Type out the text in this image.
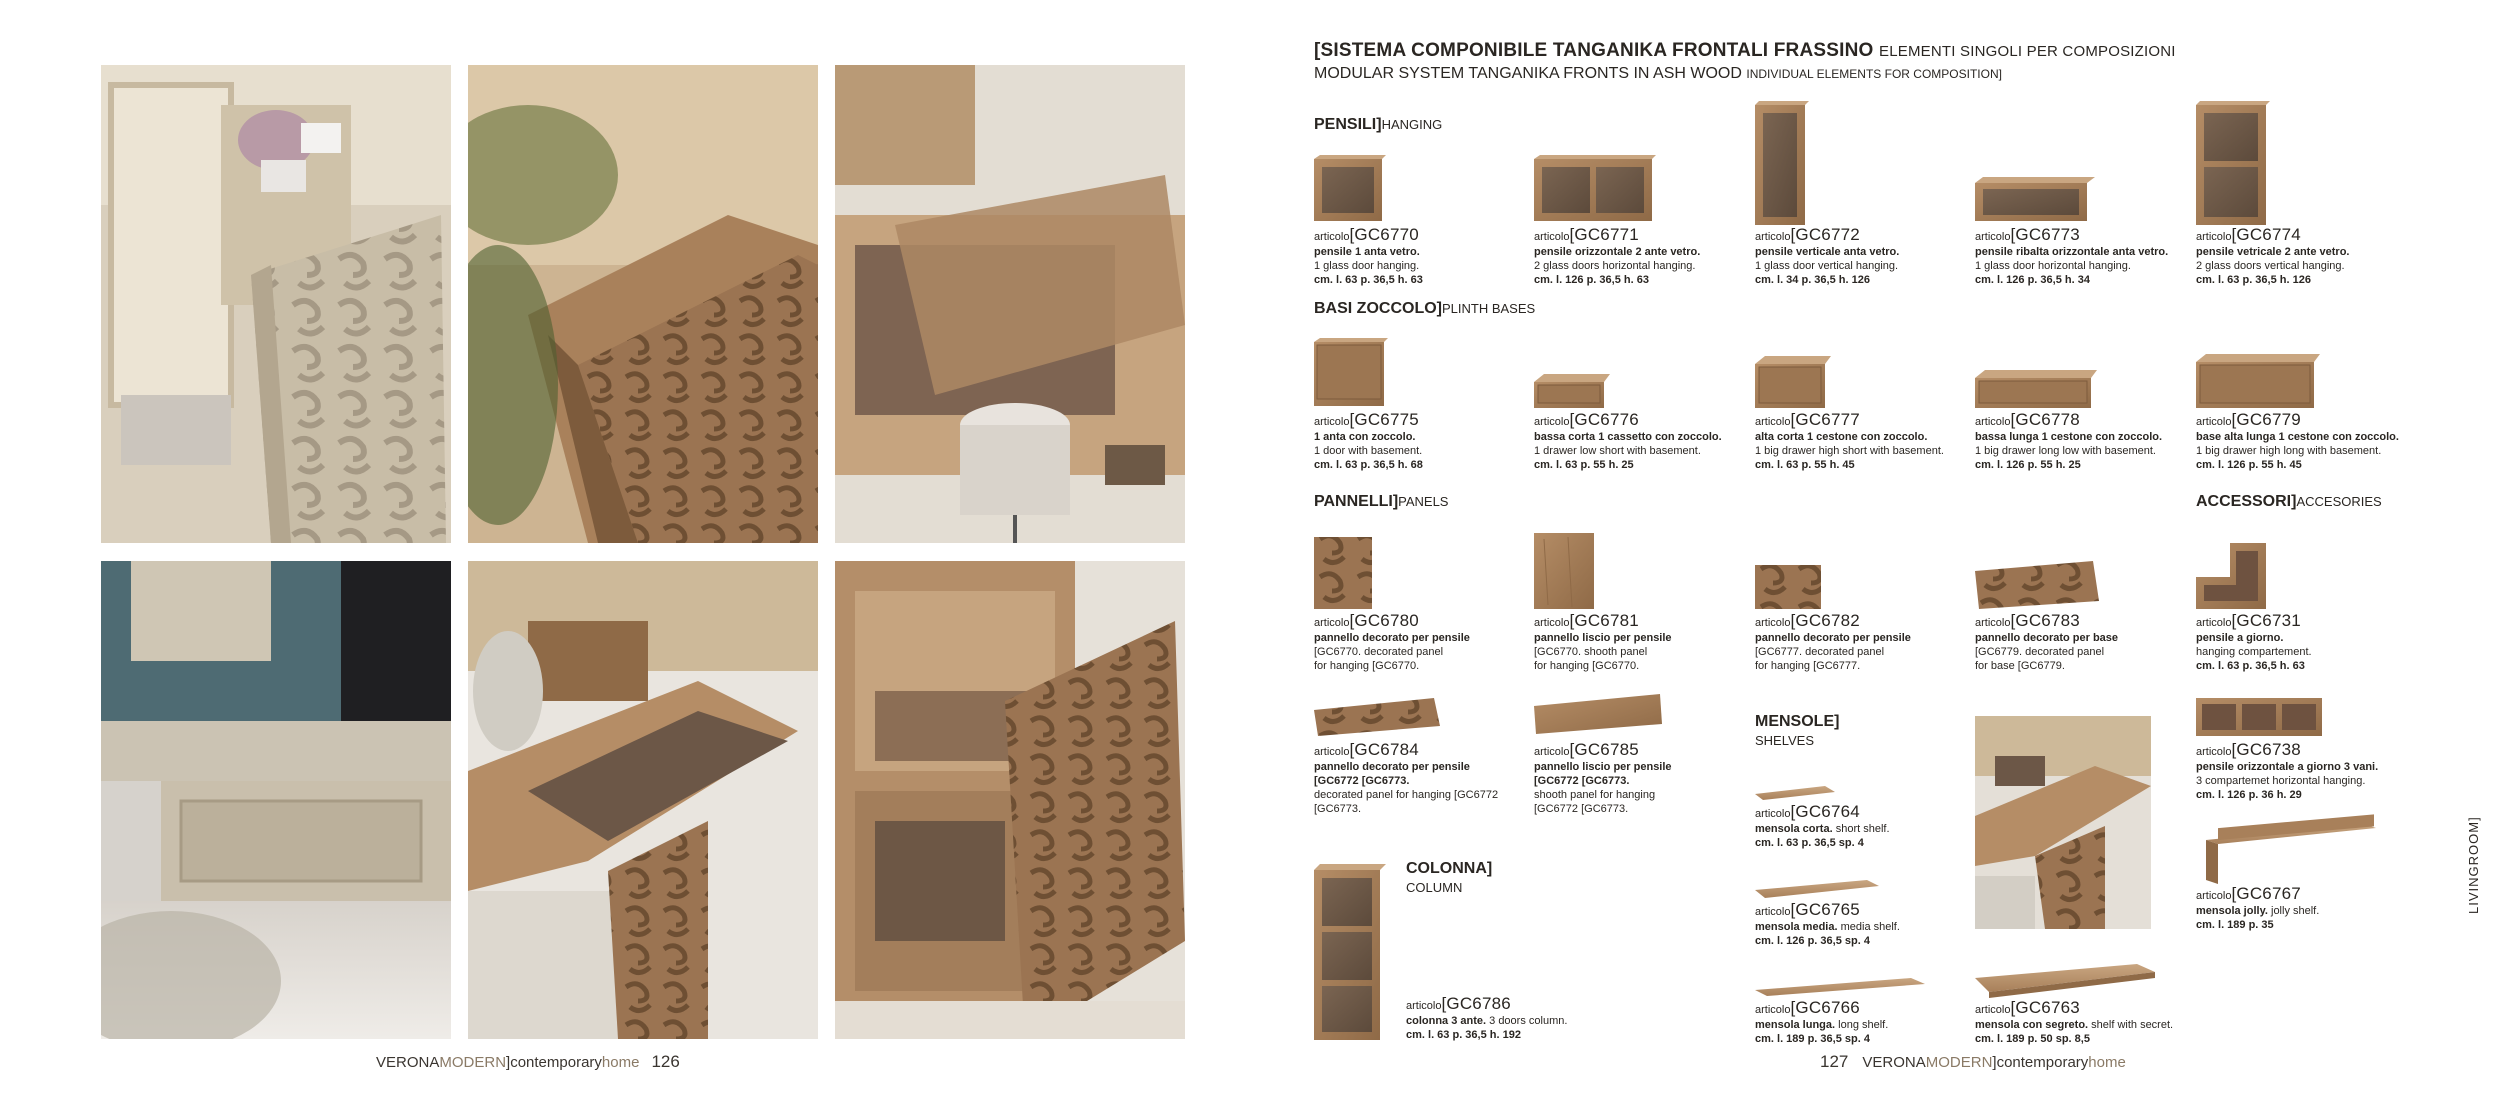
VERONAMODERN]contemporaryhome 126
[SISTEMA COMPONIBILE TANGANIKA FRONTALI FRASSINO ELEMENTI SINGOLI PER COMPOSIZIONI
MODULAR SYSTEM TANGANIKA FRONTS IN ASH WOOD INDIVIDUAL ELEMENTS FOR COMPOSITION]
PENSILI]HANGING
BASI ZOCCOLO]PLINTH BASES
PANNELLI]PANELS	ACCESSORI]ACCESORIES
MENSOLE]
SHELVES
COLONNA]
COLUMN
articolo[GC6770
pensile 1 anta vetro.
1 glass door hanging.
cm. l. 63 p. 36,5 h. 63
articolo[GC6771
pensile orizzontale 2 ante vetro.
2 glass doors horizontal hanging.
cm. l. 126 p. 36,5 h. 63
articolo[GC6772
pensile verticale anta vetro.
1 glass door vertical hanging.
cm. l. 34 p. 36,5 h. 126
articolo[GC6773
pensile ribalta orizzontale anta vetro.
1 glass door horizontal hanging.
cm. l. 126 p. 36,5 h. 34
articolo[GC6774
pensile vetricale 2 ante vetro.
2 glass doors vertical hanging.
cm. l. 63 p. 36,5 h. 126
articolo[GC6775
1 anta con zoccolo.
1 door with basement.
cm. l. 63 p. 36,5 h. 68
articolo[GC6776
bassa corta 1 cassetto con zoccolo.
1 drawer low short with basement.
cm. l. 63 p. 55 h. 25
articolo[GC6777
alta corta 1 cestone con zoccolo.
1 big drawer high short with basement.
cm. l. 63 p. 55 h. 45
articolo[GC6778
bassa lunga 1 cestone con zoccolo.
1 big drawer long low with basement.
cm. l. 126 p. 55 h. 25
articolo[GC6779
base alta lunga 1 cestone con zoccolo.
1 big drawer high long with basement.
cm. l. 126 p. 55 h. 45
articolo[GC6780
pannello decorato per pensile
[GC6770. decorated panel
for hanging [GC6770.
articolo[GC6781
pannello liscio per pensile
[GC6770. shooth panel
for hanging [GC6770.
articolo[GC6782
pannello decorato per pensile
[GC6777. decorated panel
for hanging [GC6777.
articolo[GC6783
pannello decorato per base
[GC6779. decorated panel
for base [GC6779.
articolo[GC6731
pensile a giorno.
hanging compartement.
cm. l. 63 p. 36,5 h. 63
articolo[GC6784
pannello decorato per pensile
[GC6772 [GC6773.
decorated panel for hanging [GC6772
[GC6773.
articolo[GC6785
pannello liscio per pensile
[GC6772 [GC6773.
shooth panel for hanging
[GC6772 [GC6773.
articolo[GC6738
pensile orizzontale a giorno 3 vani.
3 compartemet horizontal hanging.
cm. l. 126 p. 36 h. 29
articolo[GC6764
mensola corta. short shelf.
cm. l. 63 p. 36,5 sp. 4
articolo[GC6765
mensola media. media shelf.
cm. l. 126 p. 36,5 sp. 4
articolo[GC6766
mensola lunga. long shelf.
cm. l. 189 p. 36,5 sp. 4
articolo[GC6763
mensola con segreto. shelf with secret.
cm. l. 189 p. 50 sp. 8,5
articolo[GC6767
mensola jolly. jolly shelf.
cm. l. 189 p. 35
articolo[GC6786
colonna 3 ante. 3 doors column.
cm. l. 63 p. 36,5 h. 192
127 VERONAMODERN]contemporaryhome
LIVINGROOM]
